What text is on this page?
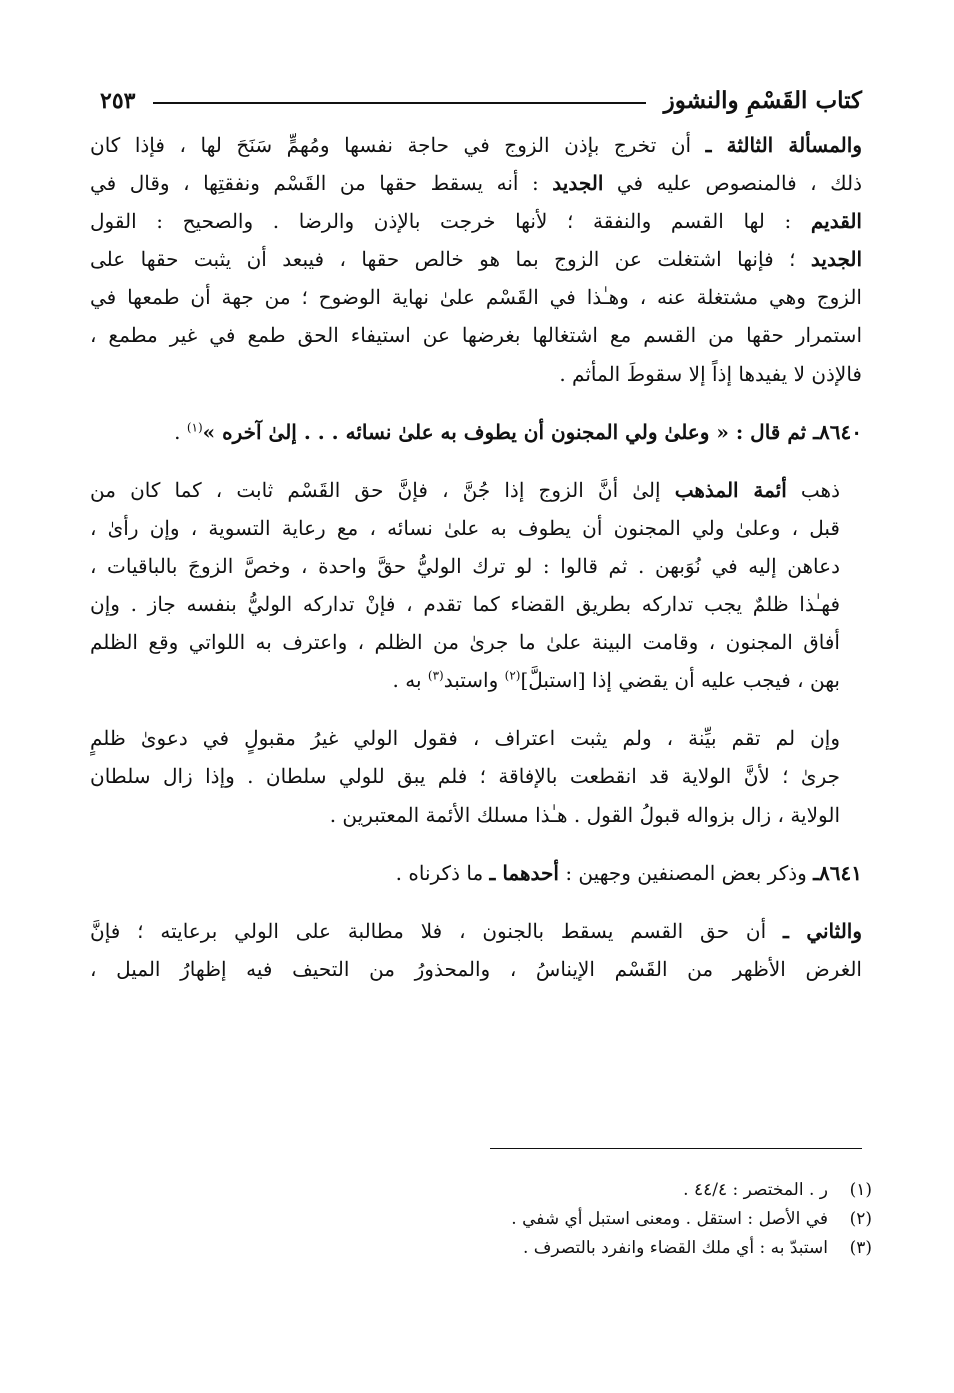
كتاب القَسْمِ والنشوز
٢٥٣

والمسألة الثالثة ـ أن تخرج بإذن الزوج في حاجة نفسها ومُهمٍّ سَنَحَ لها ، فإذا كان
ذلك ، فالمنصوص عليه في الجديد : أنه يسقط حقها من القَسْم ونفقتِها ، وقال في
القديم : لها القسم والنفقة ؛ لأنها خرجت بالإذن والرضا . والصحيح : القول
الجديد ؛ فإنها اشتغلت عن الزوج بما هو خالص حقها ، فيبعد أن يثبت حقها على
الزوج وهي مشتغلة عنه ، وهـٰذا في القَسْم علىٰ نهاية الوضوح ؛ من جهة أن طمعها في
استمرار حقها من القسم مع اشتغالها بغرضها عن استيفاء الحق طمع في غير مطمع ،
فالإذن لا يفيدها إذاً إلا سقوطَ المأثم .

٨٦٤٠ـ ثم قال : « وعلىٰ ولي المجنون أن يطوف به علىٰ نسائه . . . إلىٰ آخره »$^{(١)}$ .

ذهب أئمة المذهب إلىٰ أنَّ الزوج إذا جُنَّ ، فإنَّ حق القَسْم ثابت ، كما كان من
قبل ، وعلىٰ ولي المجنون أن يطوف به علىٰ نسائه ، مع رعاية التسوية ، وإن رأىٰ ،
دعاهن إليه في نُوَبهن . ثم قالوا : لو ترك الوليُّ حقَّ واحدة ، وخصَّ الزوجَ بالباقيات ،
فهـٰذا ظلمٌ يجب تداركه بطريق القضاء كما تقدم ، فإنْ تداركه الوليُّ بنفسه جاز . وإن
أفاق المجنون ، وقامت البينة علىٰ ما جرىٰ من الظلم ، واعترف به اللواتي وقع الظلم
بهن ، فيجب عليه أن يقضي إذا [استبلَّ]$^{(٢)}$ واستبد$^{(٣)}$ به .

وإن لم تقم بيِّنة ، ولم يثبت اعتراف ، فقول الولي غيرُ مقبولٍ في دعوىٰ ظلمٍ
جرىٰ ؛ لأنَّ الولاية قد انقطعت بالإفاقة ؛ فلم يبق للولي سلطان . وإذا زال سلطان
الولاية ، زال بزواله قبولُ القول . هـٰذا مسلك الأئمة المعتبرين .

٨٦٤١ـ وذكر بعض المصنفين وجهين : أحدهما ـ ما ذكرناه .

والثاني ـ أن حق القسم يسقط بالجنون ، فلا مطالبة على الولي برعايته ؛ فإنَّ
الغرض الأظهر من القَسْم الإيناسُ ، والمحذورُ من التحيف فيه إظهارُ الميل ،

(١)
ر . المختصر : ٤٤/٤ .
(٢)
في الأصل : استقل . ومعنى استبل أي شفي .
(٣)
استبدّ به : أي ملك القضاء وانفرد بالتصرف .
